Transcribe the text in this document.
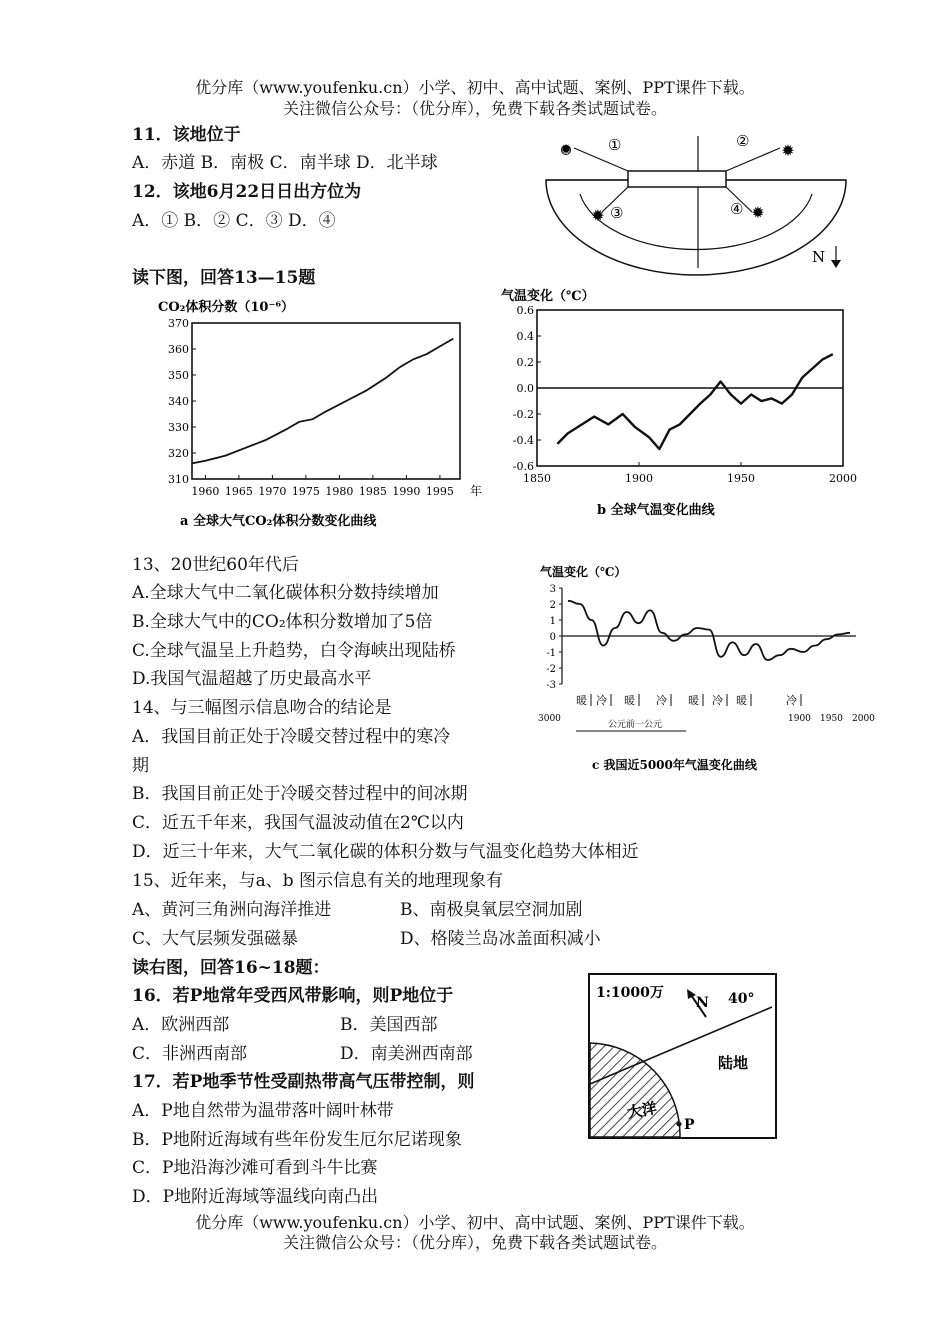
优分库（www.youfenku.cn）小学、初中、高中试题、案例、PPT课件下载。
关注微信公众号：（优分库），免费下载各类试题试卷。
11．该地位于
A．赤道 B．南极 C．南半球 D．北半球
12．该地6月22日日出方位为
A．① B．② C．③ D．④
✹	✹
✹	✹
①	②
③	④
N
读下图，回答13—15题
CO₂体积分数（10⁻⁶）
370
360
350
340
330
320
310
1960 1965 1970 1975 1980 1985 1990 1995 年
a 全球大气CO₂体积分数变化曲线
气温变化（℃）
0.6
0.4
0.2
0.0
-0.2
-0.4
-0.6
1850	1900	1950	2000
b 全球气温变化曲线
13、20世纪60年代后
A.全球大气中二氧化碳体积分数持续增加
B.全球大气中的CO₂体积分数增加了5倍
C.全球气温呈上升趋势，白令海峡出现陆桥
D.我国气温超越了历史最高水平
气温变化（℃）
3
2
1
0
-1
-2
-3
暖 冷 暖 冷 暖 冷 暖	冷
3000	1900 1950 2000
公元前一公元
c 我国近5000年气温变化曲线
14、与三幅图示信息吻合的结论是
A．我国目前正处于冷暖交替过程中的寒冷
期
B．我国目前正处于冷暖交替过程中的间冰期
C．近五千年来，我国气温波动值在2℃以内
D．近三十年来，大气二氧化碳的体积分数与气温变化趋势大体相近
15、近年来，与a、b 图示信息有关的地理现象有
A、黄河三角洲向海洋推进	B、南极臭氧层空洞加剧
C、大气层频发强磁暴	D、格陵兰岛冰盖面积减小
读右图，回答16~18题：
16．若P地常年受西风带影响，则P地位于
A．欧洲西部	B．美国西部
C．非洲西南部	D．南美洲西南部
17．若P地季节性受副热带高气压带控制，则
A．P地自然带为温带落叶阔叶林带
B．P地附近海域有些年份发生厄尔尼诺现象
C．P地沿海沙滩可看到斗牛比赛
D．P地附近海域等温线向南凸出
1:1000万
N 40°
陆地
大洋
P
优分库（www.youfenku.cn）小学、初中、高中试题、案例、PPT课件下载。
关注微信公众号：（优分库），免费下载各类试题试卷。
